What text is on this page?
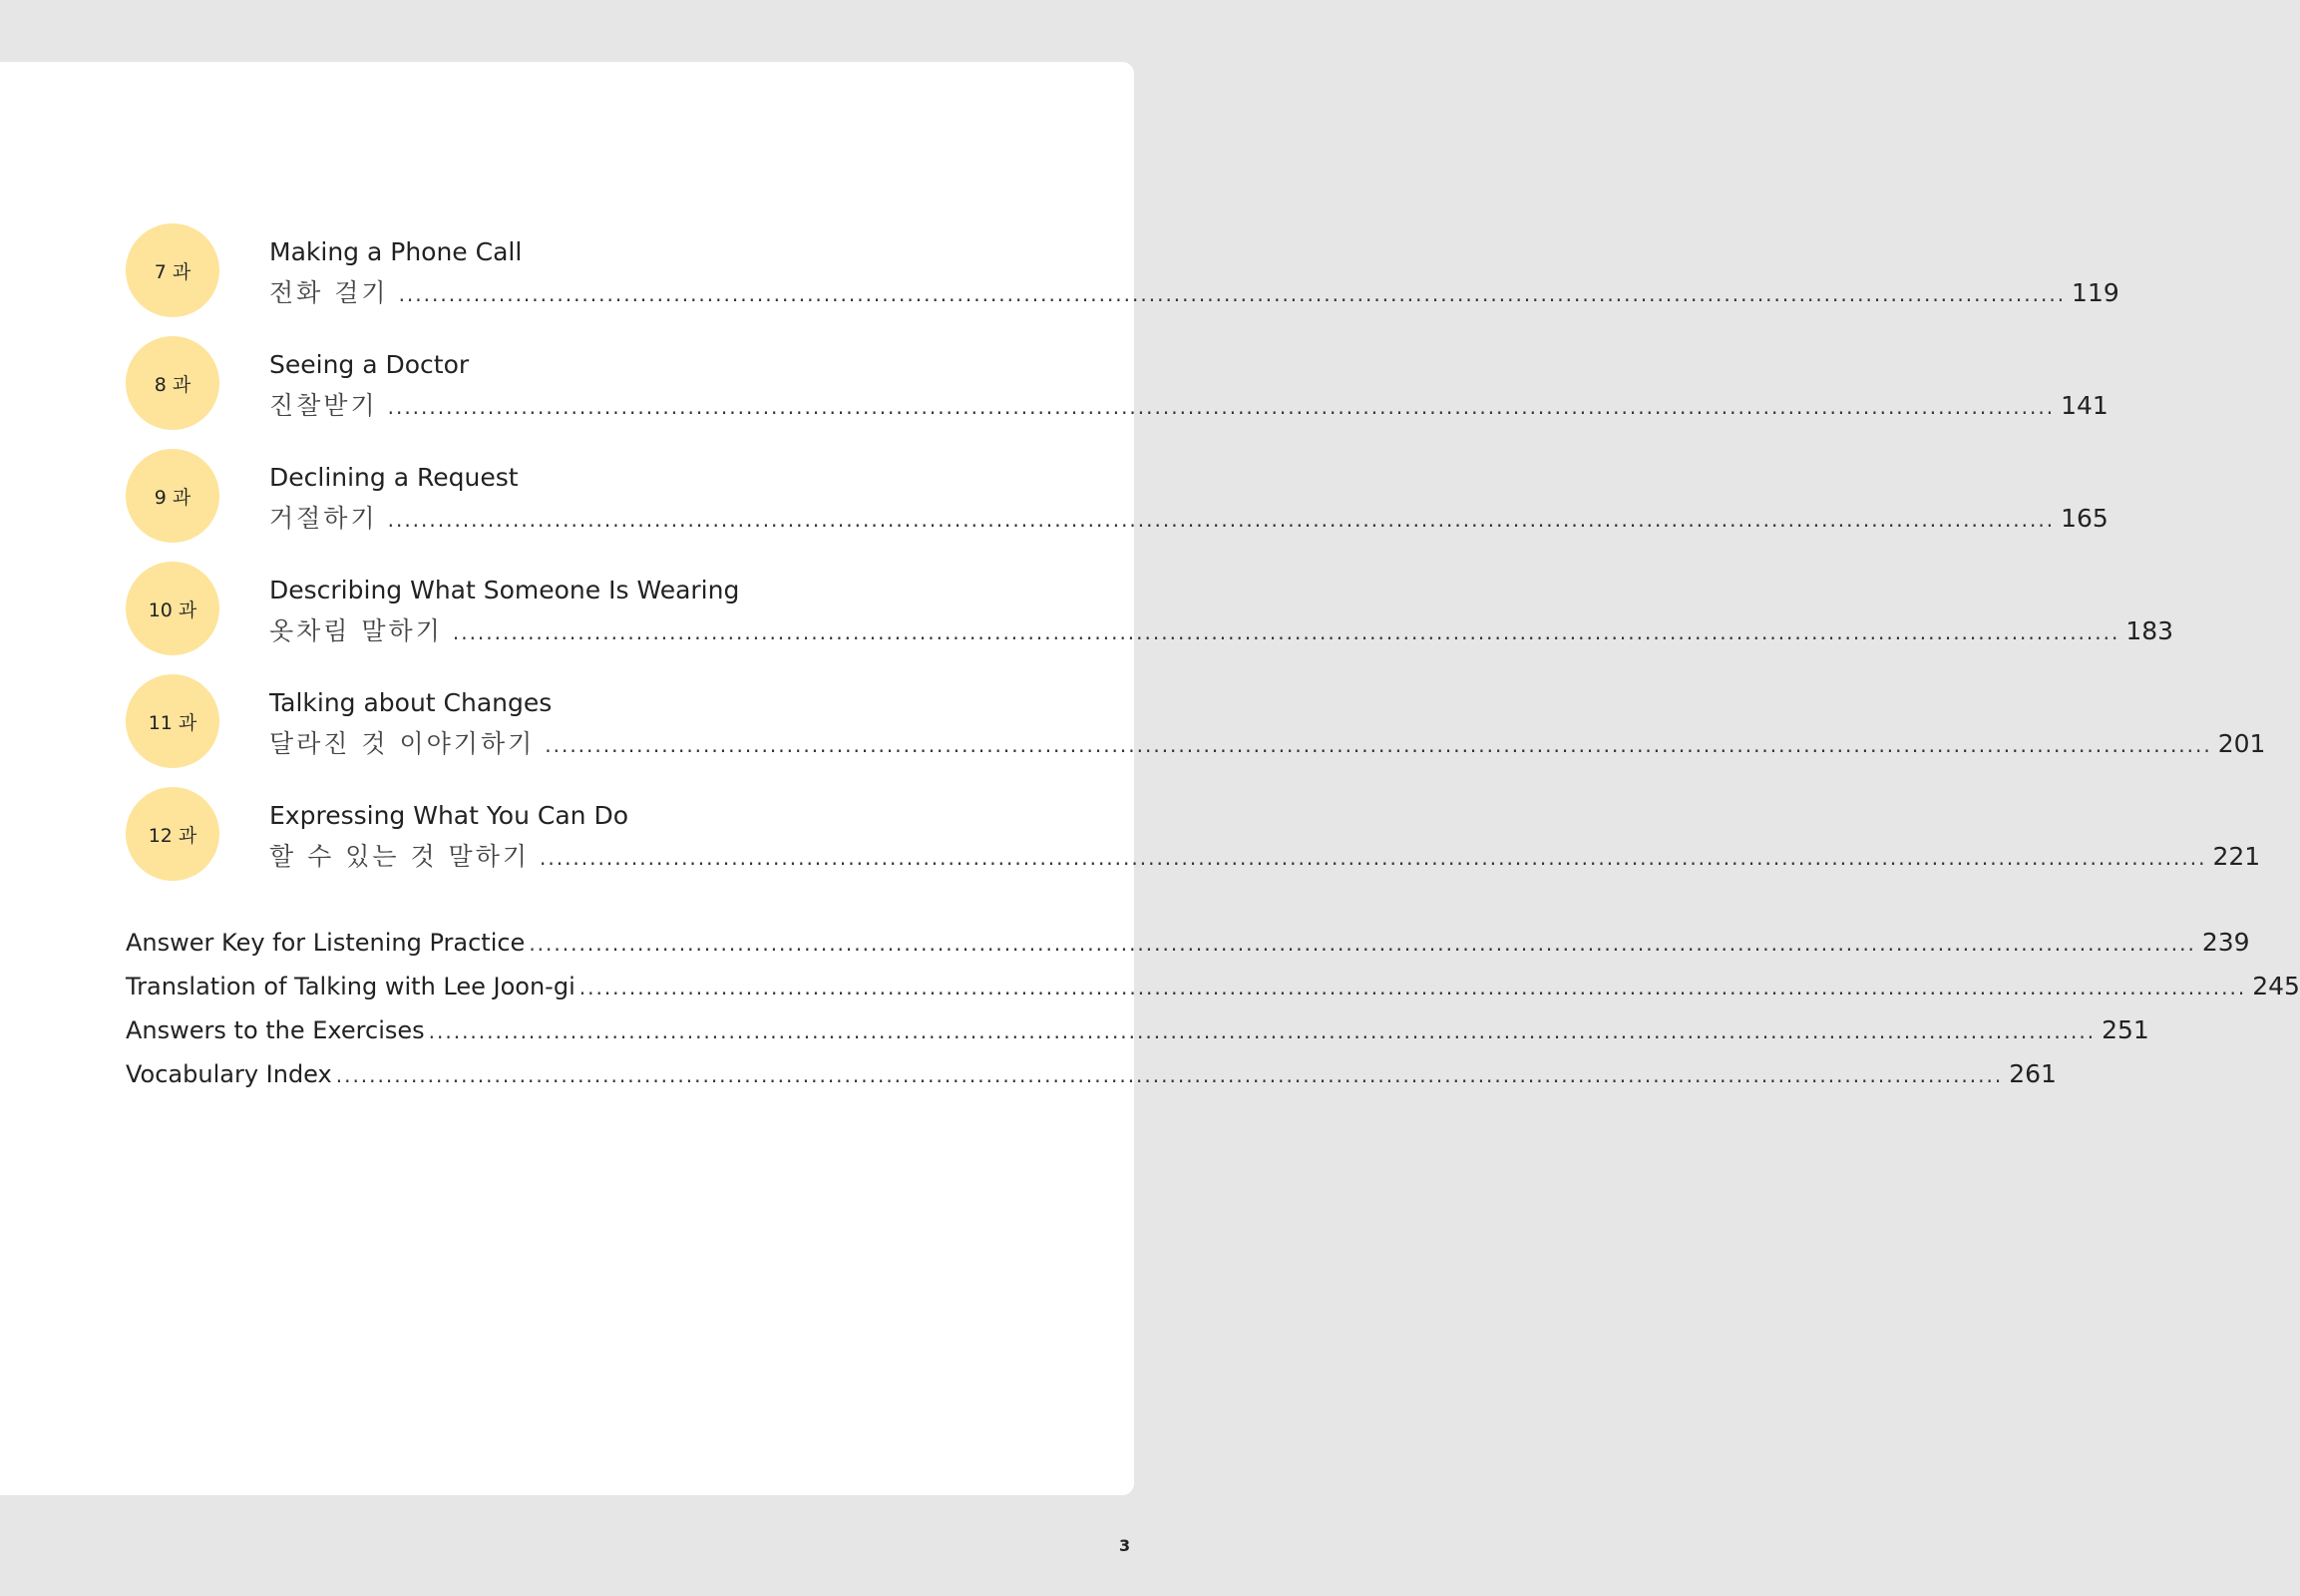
7 과
Making a Phone Call
전화 걸기 ........................................................................................................................................................................................................ 119
8 과
Seeing a Doctor
진찰받기 ........................................................................................................................................................................................................ 141
9 과
Declining a Request
거절하기 ........................................................................................................................................................................................................ 165
10 과
Describing What Someone Is Wearing
옷차림 말하기 ........................................................................................................................................................................................................ 183
11 과
Talking about Changes
달라진 것 이야기하기 ........................................................................................................................................................................................................ 201
12 과
Expressing What You Can Do
할 수 있는 것 말하기 ........................................................................................................................................................................................................ 221
Answer Key for Listening Practice ........................................................................................................................................................................................................ 239
Translation of Talking with Lee Joon-gi ........................................................................................................................................................................................................ 245
Answers to the Exercises ........................................................................................................................................................................................................ 251
Vocabulary Index ........................................................................................................................................................................................................ 261
3
